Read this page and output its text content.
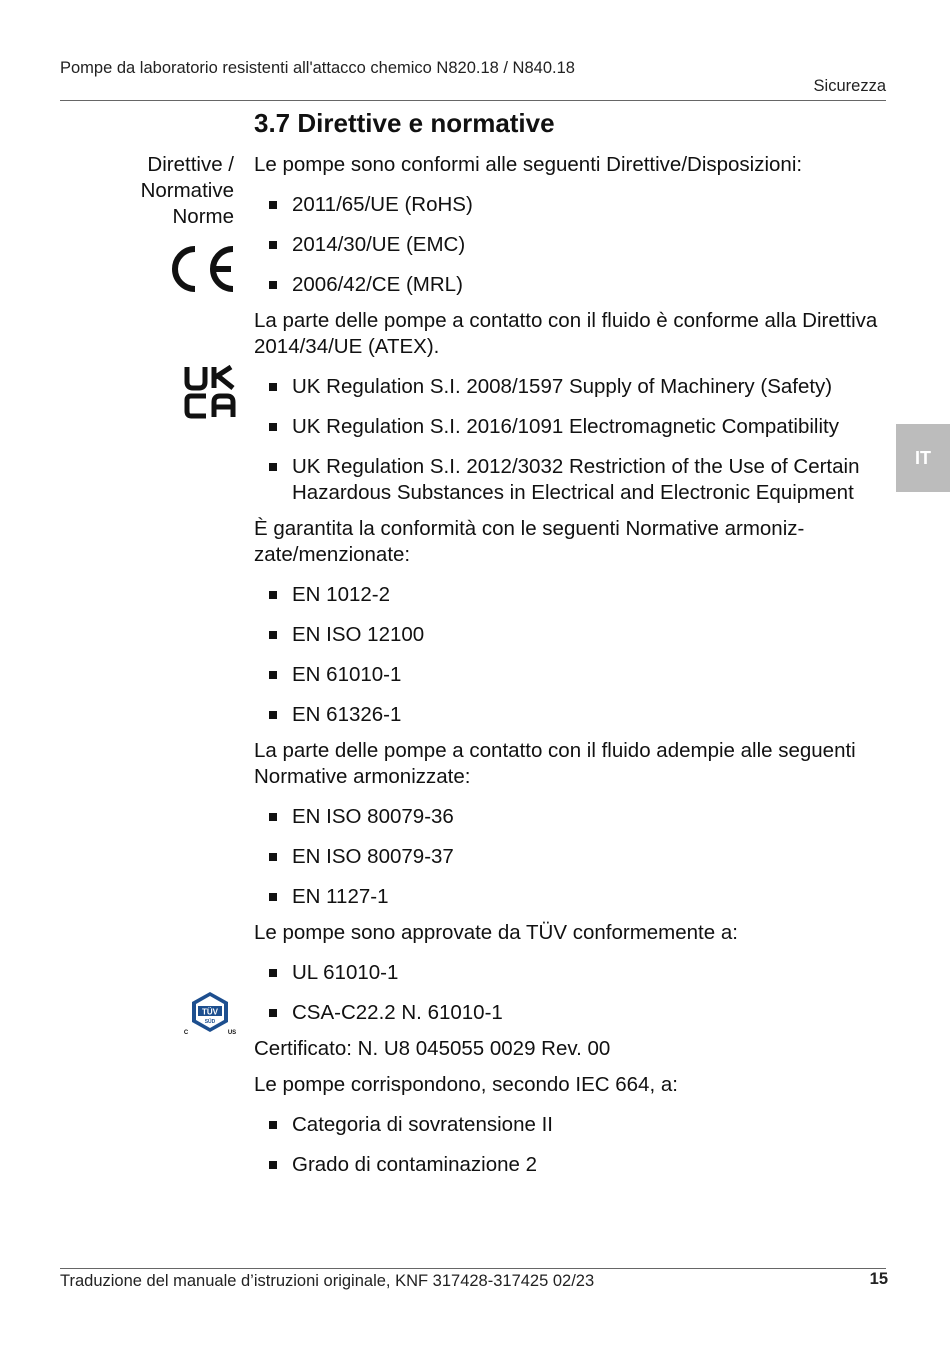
Pompe da laboratorio resistenti all'attacco chemico N820.18 / N840.18
Sicurezza
3.7 Direttive e normative
Direttive /
Normative
Norme
TÜV
SÜD
C	US

Le pompe sono conformi alle seguenti Direttive/Disposizioni:

2011/65/UE (RoHS)
2014/30/UE (EMC)
2006/42/CE (MRL)

La parte delle pompe a contatto con il fluido è conforme alla Direttiva 2014/34/UE (ATEX).

UK Regulation S.I. 2008/1597 Supply of Machinery (Safety)
UK Regulation S.I. 2016/1091 Electromagnetic Compatibility
UK Regulation S.I. 2012/3032 Restriction of the Use of Certain Hazardous Substances in Electrical and Electronic Equipment

È garantita la conformità con le seguenti Normative armonizzate/menzionate:

EN 1012-2
EN ISO 12100
EN 61010-1
EN 61326-1

La parte delle pompe a contatto con il fluido adempie alle seguenti Normative armonizzate:

EN ISO 80079-36
EN ISO 80079-37
EN 1127-1

Le pompe sono approvate da TÜV conformemente a:

UL 61010-1
CSA-C22.2 N. 61010-1

Certificato: N. U8 045055 0029 Rev. 00

Le pompe corrispondono, secondo IEC 664, a:

Categoria di sovratensione II
Grado di contaminazione 2
IT
Traduzione del manuale d’istruzioni originale, KNF 317428-317425 02/23	15
